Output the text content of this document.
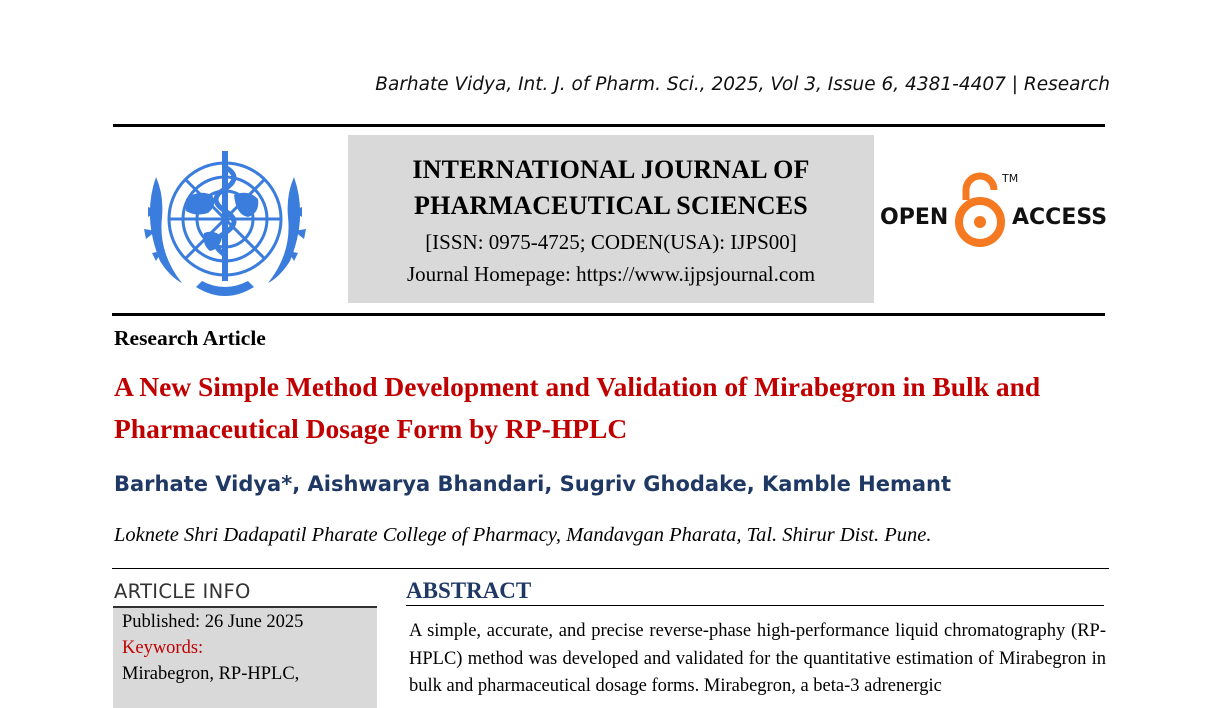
Barhate Vidya, Int. J. of Pharm. Sci., 2025, Vol 3, Issue 6, 4381-4407 | Research
INTERNATIONAL JOURNAL OF
PHARMACEUTICAL SCIENCES
[ISSN: 0975-4725; CODEN(USA): IJPS00]
Journal Homepage: https://www.ijpsjournal.com
OPEN	ACCESS
TM
Research Article
A New Simple Method Development and Validation of Mirabegron in Bulk and Pharmaceutical Dosage Form by RP-HPLC
Barhate Vidya*, Aishwarya Bhandari, Sugriv Ghodake, Kamble Hemant
Loknete Shri Dadapatil Pharate College of Pharmacy, Mandavgan Pharata, Tal. Shirur Dist. Pune.
ARTICLE INFO
Published: 26 June 2025
Keywords:
Mirabegron, RP-HPLC,
ABSTRACT

A simple, accurate, and precise reverse-phase high-performance liquid chromatography (RP-HPLC) method was developed and validated for the quantitative estimation of Mirabegron in bulk and pharmaceutical dosage forms. Mirabegron, a beta-3 adrenergic
